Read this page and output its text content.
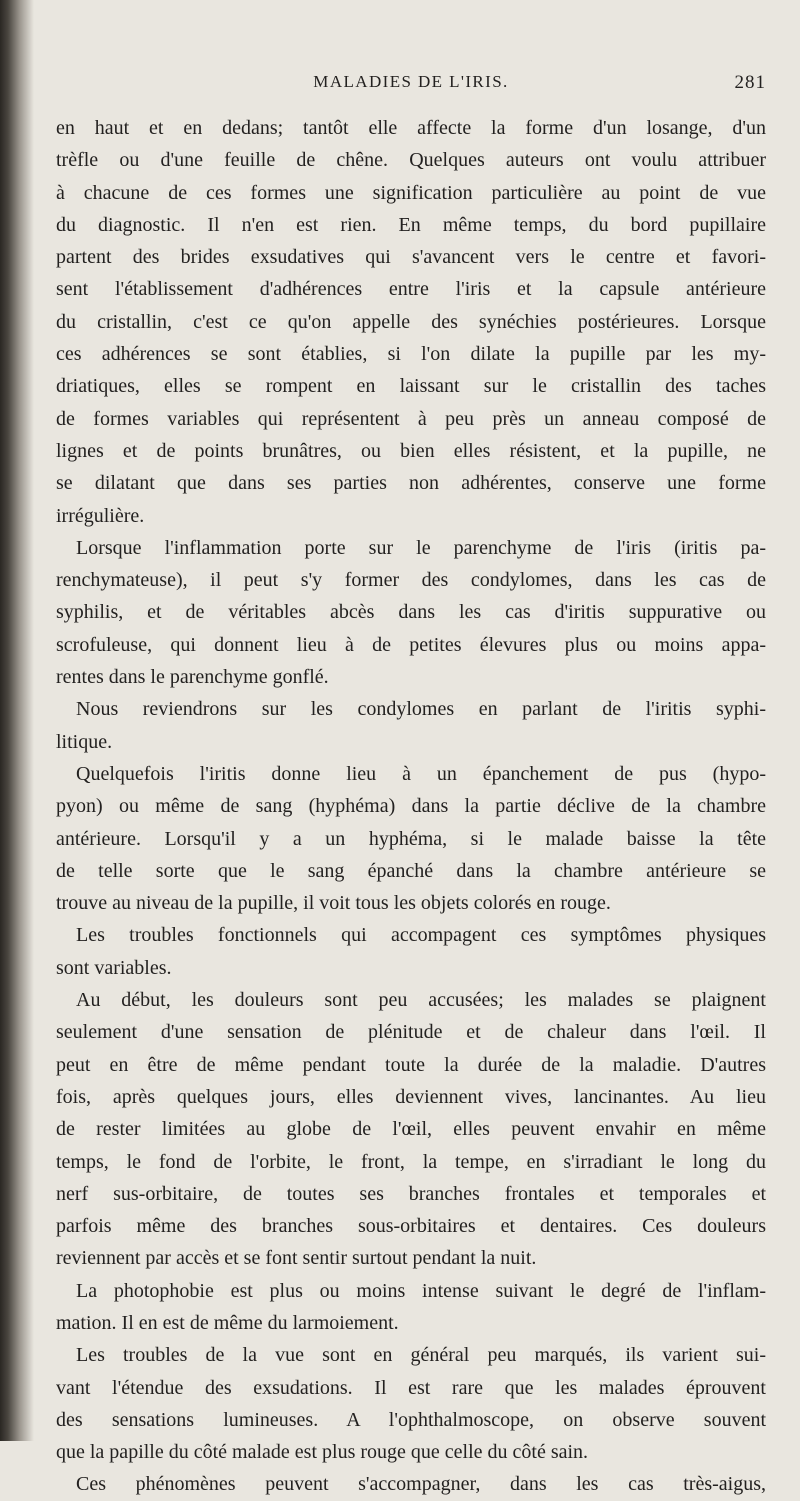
MALADIES DE L'IRIS.	281
en haut et en dedans; tantôt elle affecte la forme d'un losange, d'un
trèfle ou d'une feuille de chêne. Quelques auteurs ont voulu attribuer
à chacune de ces formes une signification particulière au point de vue
du diagnostic. Il n'en est rien. En même temps, du bord pupillaire
partent des brides exsudatives qui s'avancent vers le centre et favori-
sent l'établissement d'adhérences entre l'iris et la capsule antérieure
du cristallin, c'est ce qu'on appelle des synéchies postérieures. Lorsque
ces adhérences se sont établies, si l'on dilate la pupille par les my-
driatiques, elles se rompent en laissant sur le cristallin des taches
de formes variables qui représentent à peu près un anneau composé de
lignes et de points brunâtres, ou bien elles résistent, et la pupille, ne
se dilatant que dans ses parties non adhérentes, conserve une forme
irrégulière.
Lorsque l'inflammation porte sur le parenchyme de l'iris (iritis pa-
renchymateuse), il peut s'y former des condylomes, dans les cas de
syphilis, et de véritables abcès dans les cas d'iritis suppurative ou
scrofuleuse, qui donnent lieu à de petites élevures plus ou moins appa-
rentes dans le parenchyme gonflé.
Nous reviendrons sur les condylomes en parlant de l'iritis syphi-
litique.
Quelquefois l'iritis donne lieu à un épanchement de pus (hypo-
pyon) ou même de sang (hyphéma) dans la partie déclive de la chambre
antérieure. Lorsqu'il y a un hyphéma, si le malade baisse la tête
de telle sorte que le sang épanché dans la chambre antérieure se
trouve au niveau de la pupille, il voit tous les objets colorés en rouge.
Les troubles fonctionnels qui accompagent ces symptômes physiques
sont variables.
Au début, les douleurs sont peu accusées; les malades se plaignent
seulement d'une sensation de plénitude et de chaleur dans l'œil. Il
peut en être de même pendant toute la durée de la maladie. D'autres
fois, après quelques jours, elles deviennent vives, lancinantes. Au lieu
de rester limitées au globe de l'œil, elles peuvent envahir en même
temps, le fond de l'orbite, le front, la tempe, en s'irradiant le long du
nerf sus-orbitaire, de toutes ses branches frontales et temporales et
parfois même des branches sous-orbitaires et dentaires. Ces douleurs
reviennent par accès et se font sentir surtout pendant la nuit.
La photophobie est plus ou moins intense suivant le degré de l'inflam-
mation. Il en est de même du larmoiement.
Les troubles de la vue sont en général peu marqués, ils varient sui-
vant l'étendue des exsudations. Il est rare que les malades éprouvent
des sensations lumineuses. A l'ophthalmoscope, on observe souvent
que la papille du côté malade est plus rouge que celle du côté sain.
Ces phénomènes peuvent s'accompagner, dans les cas très-aigus,
